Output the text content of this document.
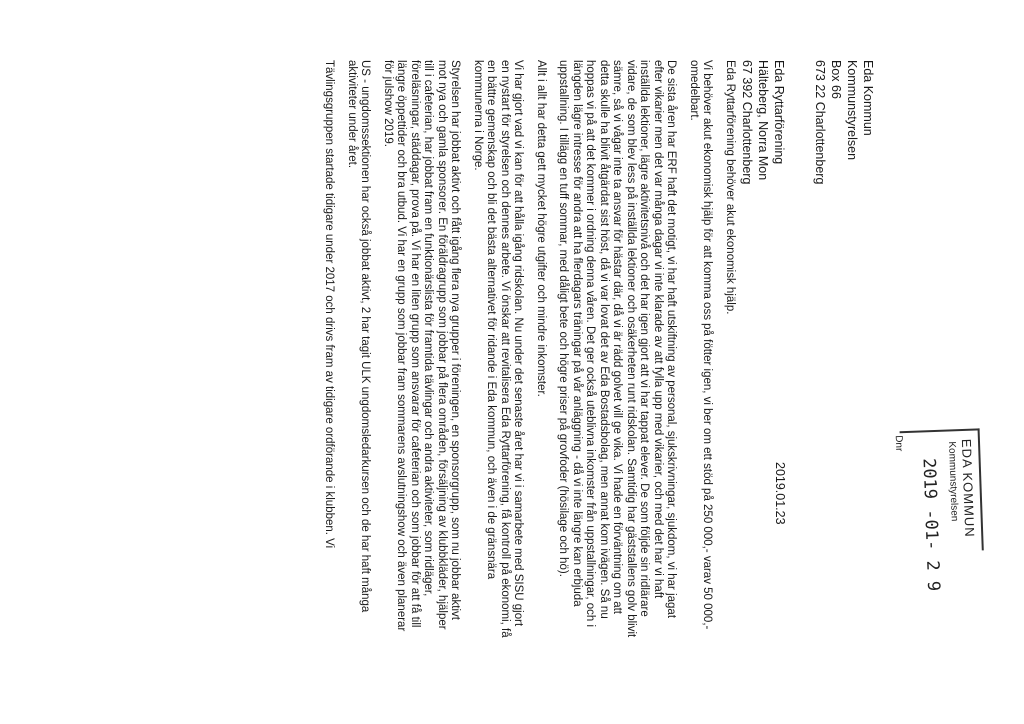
Eda Kommun
Kommunstyrelsen
Box 66
673 22 Charlottenberg
EDA KOMMUN
Kommunstyrelsen
2019 -01- 2 9
Dnr
Eda Ryttarförening
Hälteberg, Norra Mon
67 392 Charlottenberg
2019.01.23

Eda Ryttarförening behöver akut ekonomisk hjälp.

Vi behöver akut ekonomisk hjälp för att komma oss på fötter igen, vi ber om ett stöd på 250 000,- varav 50 000,- omedelbart.

De sista åren har ERF haft det motigt, vi har haft utskiftning av personal, sjukskrivningar, sjukdom, vi har jagat efter vikarier men det var många dagar vi inte klarade av att fylla upp med vikarier, och med det har vi haft inställda lektioner, lägre aktivitetsnivå och det har igen gjort att vi har tappat elever. De som följde sin ridlärare vidare, de som blev less på inställda lektioner och osäkerheten runt ridskolan. Samtidig har gäststallens golv blivit sämre, så vi vågar inte ta ansvar för hästar där, då vi är rädd golvet vill ge vika. Vi hade en förväntning om att detta skulle ha blivit åtgärdat sist höst, då vi var lovat det av Eda Bostadsbolag, men annat kom ivägen. Så nu hoppas vi på att det kommer i ordning denna våren. Det ger också uteblivna inkomster från uppstallningar, och i längden lägre intresse för andra att ha flerdagars träningar på vår anläggning - då vi inte längre kan erbjuda uppstallning. I tillägg en tuff sommar, med dåligt bete och högre priser på grovfoder (hösilage och hö).

Allt i allt har detta gett mycket högre utgifter och mindre inkomster.

Vi har gjort vad vi kan för att hålla igång ridskolan. Nu under det senaste året har vi i samarbete med SISU gjort en nystart för styrelsen och dennes arbete. Vi önskar att revitalisera Eda Ryttarförening, få kontroll på ekonomi, få en bättre gemenskap och bli det bästa alternativet för ridande i Eda kommun, och även i de gränsnära kommunerna i Norge.

Styrelsen har jobbat aktivt och fått igång flera nya grupper i föreningen, en sponsorgrupp, som nu jobbar aktivt mot nya och gamla sponsorer. En föräldragrupp som jobbar på flera områden, försäljning av klubbkläder, hjälper till i cafeterian, har jobbat fram en funktionärslista för framtida tävlingar och andra aktiviteter, som ridläger, föreläsningar, städdagar, prova på. Vi har en liten grupp som ansvarar för cafeterian och som jobbar för att få till längre öppettider och bra utbud. Vi har en grupp som jobbar fram sommarens avslutningshow och även planerar för julshow 2019.

US - ungdomssektionen har också jobbat aktivt, 2 har tagit ULK ungdomsledarkursen och de har haft många aktiviteter under året.

Tävlingsgruppen startade tidigare under 2017 och drivs fram av tidigare ordförande i klubben. Vi
